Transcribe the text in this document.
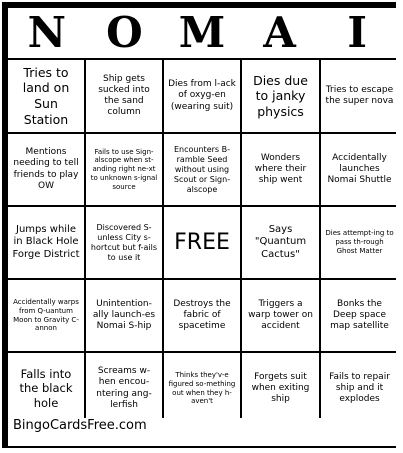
N O M A	I
Tries to land on Sun Station
Ship gets sucked into the sand column
Dies from l-ack of oxyg-en (wearing suit)
Dies due to janky physics
Tries to escape the super nova
Mentions needing to tell friends to play OW
Fails to use Sign-alscope when st-anding right ne-xt to unknown s-ignal source
Encounters B-ramble Seed without using Scout or Sign-alscope
Wonders where their ship went
Accidentally launches Nomai Shuttle
Jumps while in Black Hole Forge District
Discovered S-unless City s-hortcut but f-ails to use it
FREE
Says "Quantum Cactus"
Dies attempt-ing to pass th-rough Ghost Matter
Accidentally warps from Q-uantum Moon to Gravity C-annon
Unintention-ally launch-es Nomai S-hip
Destroys the fabric of spacetime
Triggers a warp tower on accident
Bonks the Deep space map satellite
Falls into the black hole
Screams w-hen encou-ntering ang-lerfish
Thinks they'v-e figured so-mething out when they h-aven't
Forgets suit when exiting ship
Fails to repair ship and it explodes
BingoCardsFree.com
